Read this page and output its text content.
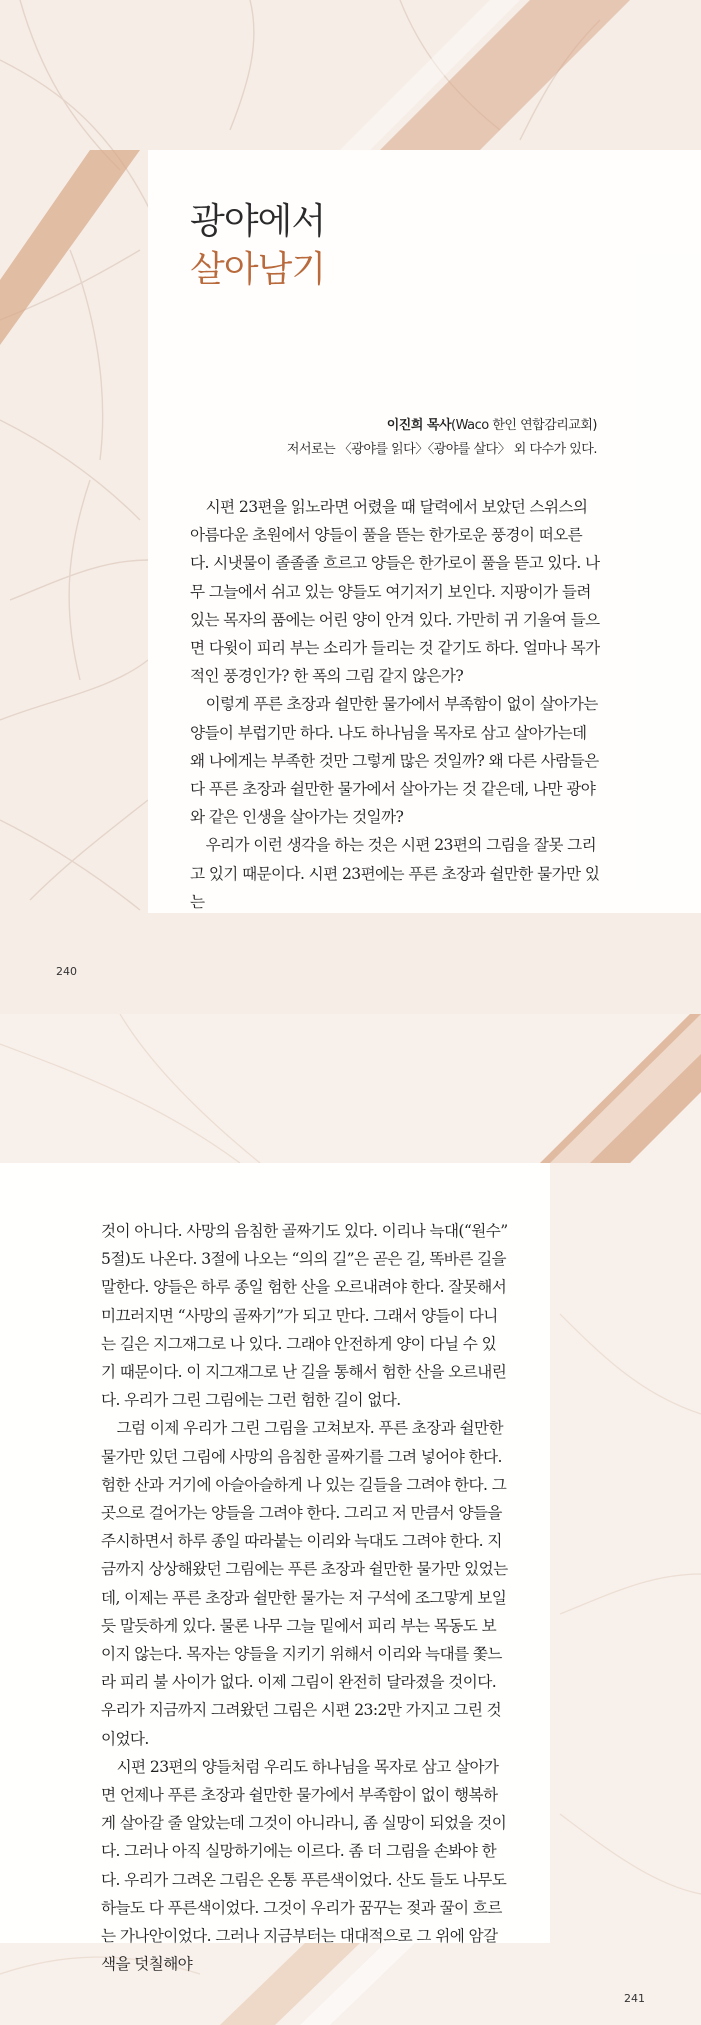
광야에서
살아남기
이진희 목사(Waco 한인 연합감리교회)
저서로는 〈광야를 읽다〉〈광야를 살다〉 외 다수가 있다.

시편 23편을 읽노라면 어렸을 때 달력에서 보았던 스위스의 아름다운 초원에서 양들이 풀을 뜯는 한가로운 풍경이 떠오른다. 시냇물이 졸졸졸 흐르고 양들은 한가로이 풀을 뜯고 있다. 나무 그늘에서 쉬고 있는 양들도 여기저기 보인다. 지팡이가 들려있는 목자의 품에는 어린 양이 안겨 있다. 가만히 귀 기울여 들으면 다윗이 피리 부는 소리가 들리는 것 같기도 하다. 얼마나 목가적인 풍경인가? 한 폭의 그림 같지 않은가?

이렇게 푸른 초장과 쉴만한 물가에서 부족함이 없이 살아가는 양들이 부럽기만 하다. 나도 하나님을 목자로 삼고 살아가는데 왜 나에게는 부족한 것만 그렇게 많은 것일까? 왜 다른 사람들은 다 푸른 초장과 쉴만한 물가에서 살아가는 것 같은데, 나만 광야와 같은 인생을 살아가는 것일까?

우리가 이런 생각을 하는 것은 시편 23편의 그림을 잘못 그리고 있기 때문이다. 시편 23편에는 푸른 초장과 쉴만한 물가만 있는

240

것이 아니다. 사망의 음침한 골짜기도 있다. 이리나 늑대(“원수” 5절)도 나온다. 3절에 나오는 “의의 길”은 곧은 길, 똑바른 길을 말한다. 양들은 하루 종일 험한 산을 오르내려야 한다. 잘못해서 미끄러지면 “사망의 골짜기”가 되고 만다. 그래서 양들이 다니는 길은 지그재그로 나 있다. 그래야 안전하게 양이 다닐 수 있기 때문이다. 이 지그재그로 난 길을 통해서 험한 산을 오르내린다. 우리가 그린 그림에는 그런 험한 길이 없다.

그럼 이제 우리가 그린 그림을 고쳐보자. 푸른 초장과 쉴만한 물가만 있던 그림에 사망의 음침한 골짜기를 그려 넣어야 한다. 험한 산과 거기에 아슬아슬하게 나 있는 길들을 그려야 한다. 그곳으로 걸어가는 양들을 그려야 한다. 그리고 저 만큼서 양들을 주시하면서 하루 종일 따라붙는 이리와 늑대도 그려야 한다. 지금까지 상상해왔던 그림에는 푸른 초장과 쉴만한 물가만 있었는데, 이제는 푸른 초장과 쉴만한 물가는 저 구석에 조그맣게 보일듯 말듯하게 있다. 물론 나무 그늘 밑에서 피리 부는 목동도 보이지 않는다. 목자는 양들을 지키기 위해서 이리와 늑대를 쫓느라 피리 불 사이가 없다. 이제 그림이 완전히 달라졌을 것이다. 우리가 지금까지 그려왔던 그림은 시편 23:2만 가지고 그린 것이었다.

시편 23편의 양들처럼 우리도 하나님을 목자로 삼고 살아가면 언제나 푸른 초장과 쉴만한 물가에서 부족함이 없이 행복하게 살아갈 줄 알았는데 그것이 아니라니, 좀 실망이 되었을 것이다. 그러나 아직 실망하기에는 이르다. 좀 더 그림을 손봐야 한다. 우리가 그려온 그림은 온통 푸른색이었다. 산도 들도 나무도 하늘도 다 푸른색이었다. 그것이 우리가 꿈꾸는 젖과 꿀이 흐르는 가나안이었다. 그러나 지금부터는 대대적으로 그 위에 암갈색을 덧칠해야

241
